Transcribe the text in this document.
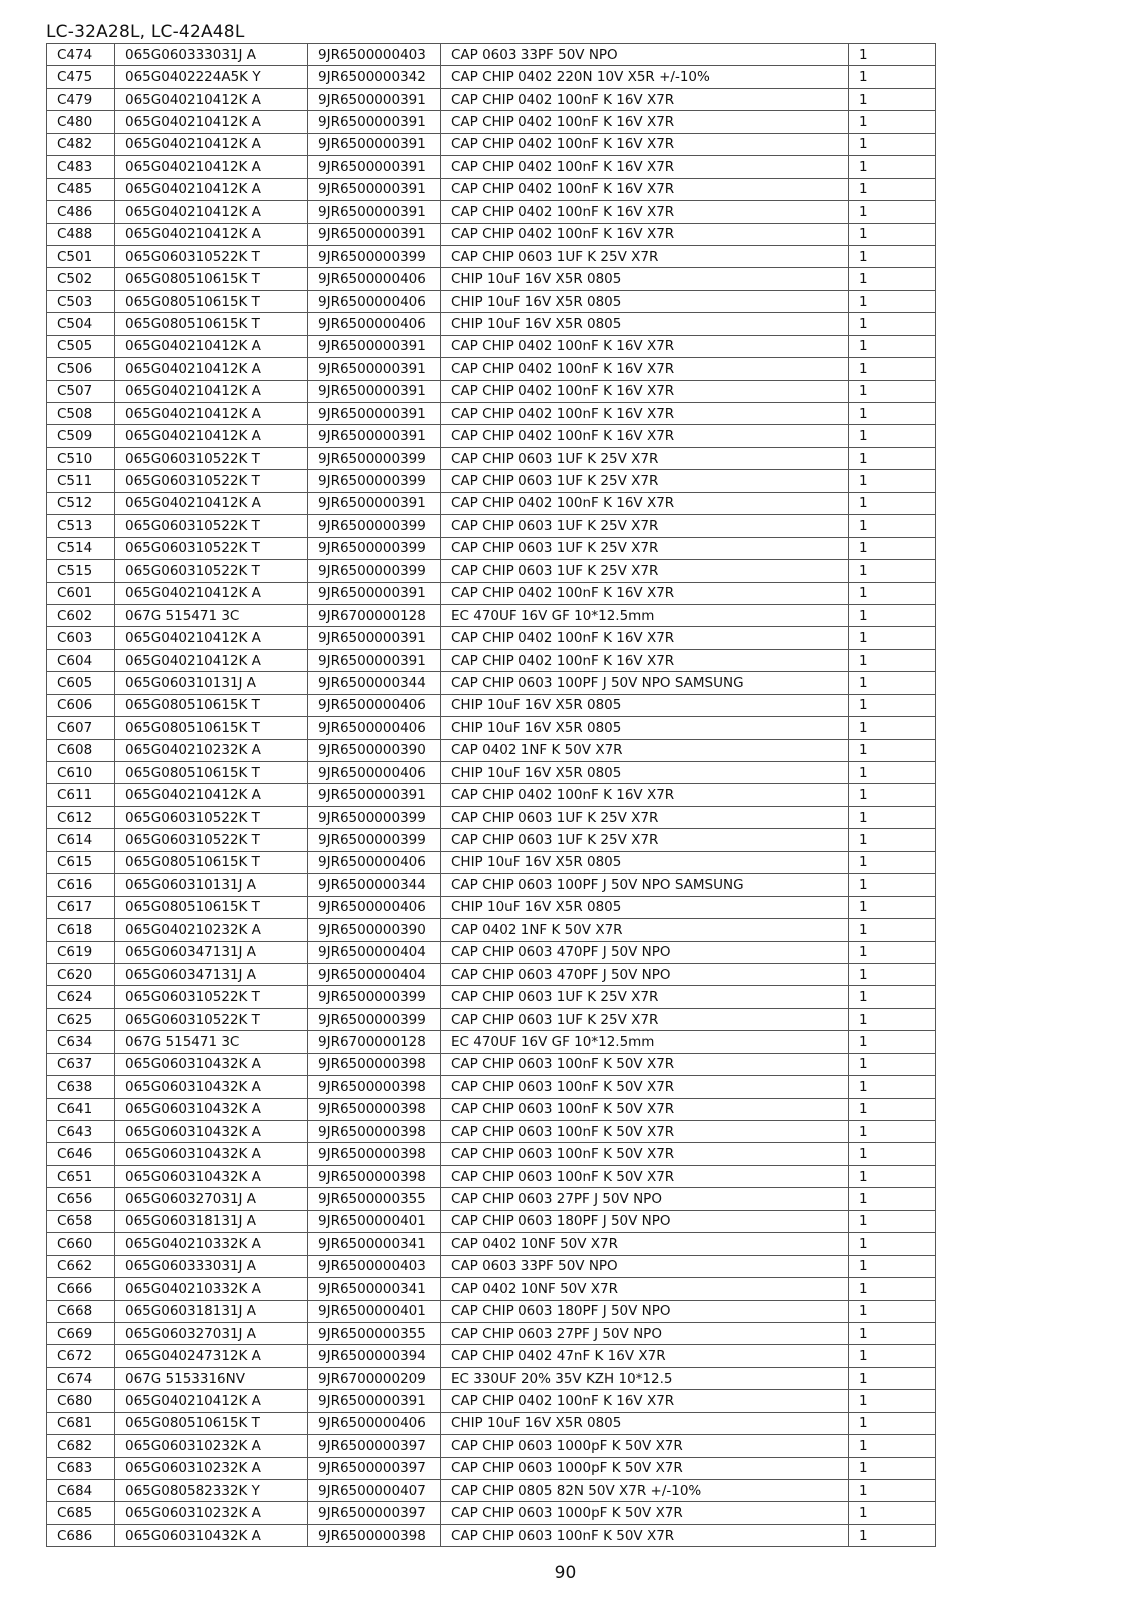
LC-32A28L, LC-42A48L
C474	065G060333031J A	9JR6500000403	CAP 0603 33PF 50V NPO	1
C475	065G0402224A5K Y	9JR6500000342	CAP CHIP 0402 220N 10V X5R +/-10%	1
C479	065G040210412K A	9JR6500000391	CAP CHIP 0402 100nF K 16V X7R	1
C480	065G040210412K A	9JR6500000391	CAP CHIP 0402 100nF K 16V X7R	1
C482	065G040210412K A	9JR6500000391	CAP CHIP 0402 100nF K 16V X7R	1
C483	065G040210412K A	9JR6500000391	CAP CHIP 0402 100nF K 16V X7R	1
C485	065G040210412K A	9JR6500000391	CAP CHIP 0402 100nF K 16V X7R	1
C486	065G040210412K A	9JR6500000391	CAP CHIP 0402 100nF K 16V X7R	1
C488	065G040210412K A	9JR6500000391	CAP CHIP 0402 100nF K 16V X7R	1
C501	065G060310522K T	9JR6500000399	CAP CHIP 0603 1UF K 25V X7R	1
C502	065G080510615K T	9JR6500000406	CHIP 10uF 16V X5R 0805	1
C503	065G080510615K T	9JR6500000406	CHIP 10uF 16V X5R 0805	1
C504	065G080510615K T	9JR6500000406	CHIP 10uF 16V X5R 0805	1
C505	065G040210412K A	9JR6500000391	CAP CHIP 0402 100nF K 16V X7R	1
C506	065G040210412K A	9JR6500000391	CAP CHIP 0402 100nF K 16V X7R	1
C507	065G040210412K A	9JR6500000391	CAP CHIP 0402 100nF K 16V X7R	1
C508	065G040210412K A	9JR6500000391	CAP CHIP 0402 100nF K 16V X7R	1
C509	065G040210412K A	9JR6500000391	CAP CHIP 0402 100nF K 16V X7R	1
C510	065G060310522K T	9JR6500000399	CAP CHIP 0603 1UF K 25V X7R	1
C511	065G060310522K T	9JR6500000399	CAP CHIP 0603 1UF K 25V X7R	1
C512	065G040210412K A	9JR6500000391	CAP CHIP 0402 100nF K 16V X7R	1
C513	065G060310522K T	9JR6500000399	CAP CHIP 0603 1UF K 25V X7R	1
C514	065G060310522K T	9JR6500000399	CAP CHIP 0603 1UF K 25V X7R	1
C515	065G060310522K T	9JR6500000399	CAP CHIP 0603 1UF K 25V X7R	1
C601	065G040210412K A	9JR6500000391	CAP CHIP 0402 100nF K 16V X7R	1
C602	067G 515471 3C	9JR6700000128	EC 470UF 16V GF 10*12.5mm	1
C603	065G040210412K A	9JR6500000391	CAP CHIP 0402 100nF K 16V X7R	1
C604	065G040210412K A	9JR6500000391	CAP CHIP 0402 100nF K 16V X7R	1
C605	065G060310131J A	9JR6500000344	CAP CHIP 0603 100PF J 50V NPO SAMSUNG	1
C606	065G080510615K T	9JR6500000406	CHIP 10uF 16V X5R 0805	1
C607	065G080510615K T	9JR6500000406	CHIP 10uF 16V X5R 0805	1
C608	065G040210232K A	9JR6500000390	CAP 0402 1NF K 50V X7R	1
C610	065G080510615K T	9JR6500000406	CHIP 10uF 16V X5R 0805	1
C611	065G040210412K A	9JR6500000391	CAP CHIP 0402 100nF K 16V X7R	1
C612	065G060310522K T	9JR6500000399	CAP CHIP 0603 1UF K 25V X7R	1
C614	065G060310522K T	9JR6500000399	CAP CHIP 0603 1UF K 25V X7R	1
C615	065G080510615K T	9JR6500000406	CHIP 10uF 16V X5R 0805	1
C616	065G060310131J A	9JR6500000344	CAP CHIP 0603 100PF J 50V NPO SAMSUNG	1
C617	065G080510615K T	9JR6500000406	CHIP 10uF 16V X5R 0805	1
C618	065G040210232K A	9JR6500000390	CAP 0402 1NF K 50V X7R	1
C619	065G060347131J A	9JR6500000404	CAP CHIP 0603 470PF J 50V NPO	1
C620	065G060347131J A	9JR6500000404	CAP CHIP 0603 470PF J 50V NPO	1
C624	065G060310522K T	9JR6500000399	CAP CHIP 0603 1UF K 25V X7R	1
C625	065G060310522K T	9JR6500000399	CAP CHIP 0603 1UF K 25V X7R	1
C634	067G 515471 3C	9JR6700000128	EC 470UF 16V GF 10*12.5mm	1
C637	065G060310432K A	9JR6500000398	CAP CHIP 0603 100nF K 50V X7R	1
C638	065G060310432K A	9JR6500000398	CAP CHIP 0603 100nF K 50V X7R	1
C641	065G060310432K A	9JR6500000398	CAP CHIP 0603 100nF K 50V X7R	1
C643	065G060310432K A	9JR6500000398	CAP CHIP 0603 100nF K 50V X7R	1
C646	065G060310432K A	9JR6500000398	CAP CHIP 0603 100nF K 50V X7R	1
C651	065G060310432K A	9JR6500000398	CAP CHIP 0603 100nF K 50V X7R	1
C656	065G060327031J A	9JR6500000355	CAP CHIP 0603 27PF J 50V NPO	1
C658	065G060318131J A	9JR6500000401	CAP CHIP 0603 180PF J 50V NPO	1
C660	065G040210332K A	9JR6500000341	CAP 0402 10NF 50V X7R	1
C662	065G060333031J A	9JR6500000403	CAP 0603 33PF 50V NPO	1
C666	065G040210332K A	9JR6500000341	CAP 0402 10NF 50V X7R	1
C668	065G060318131J A	9JR6500000401	CAP CHIP 0603 180PF J 50V NPO	1
C669	065G060327031J A	9JR6500000355	CAP CHIP 0603 27PF J 50V NPO	1
C672	065G040247312K A	9JR6500000394	CAP CHIP 0402 47nF K 16V X7R	1
C674	067G 5153316NV	9JR6700000209	EC 330UF 20% 35V KZH 10*12.5	1
C680	065G040210412K A	9JR6500000391	CAP CHIP 0402 100nF K 16V X7R	1
C681	065G080510615K T	9JR6500000406	CHIP 10uF 16V X5R 0805	1
C682	065G060310232K A	9JR6500000397	CAP CHIP 0603 1000pF K 50V X7R	1
C683	065G060310232K A	9JR6500000397	CAP CHIP 0603 1000pF K 50V X7R	1
C684	065G080582332K Y	9JR6500000407	CAP CHIP 0805 82N 50V X7R +/-10%	1
C685	065G060310232K A	9JR6500000397	CAP CHIP 0603 1000pF K 50V X7R	1
C686	065G060310432K A	9JR6500000398	CAP CHIP 0603 100nF K 50V X7R	1
90
